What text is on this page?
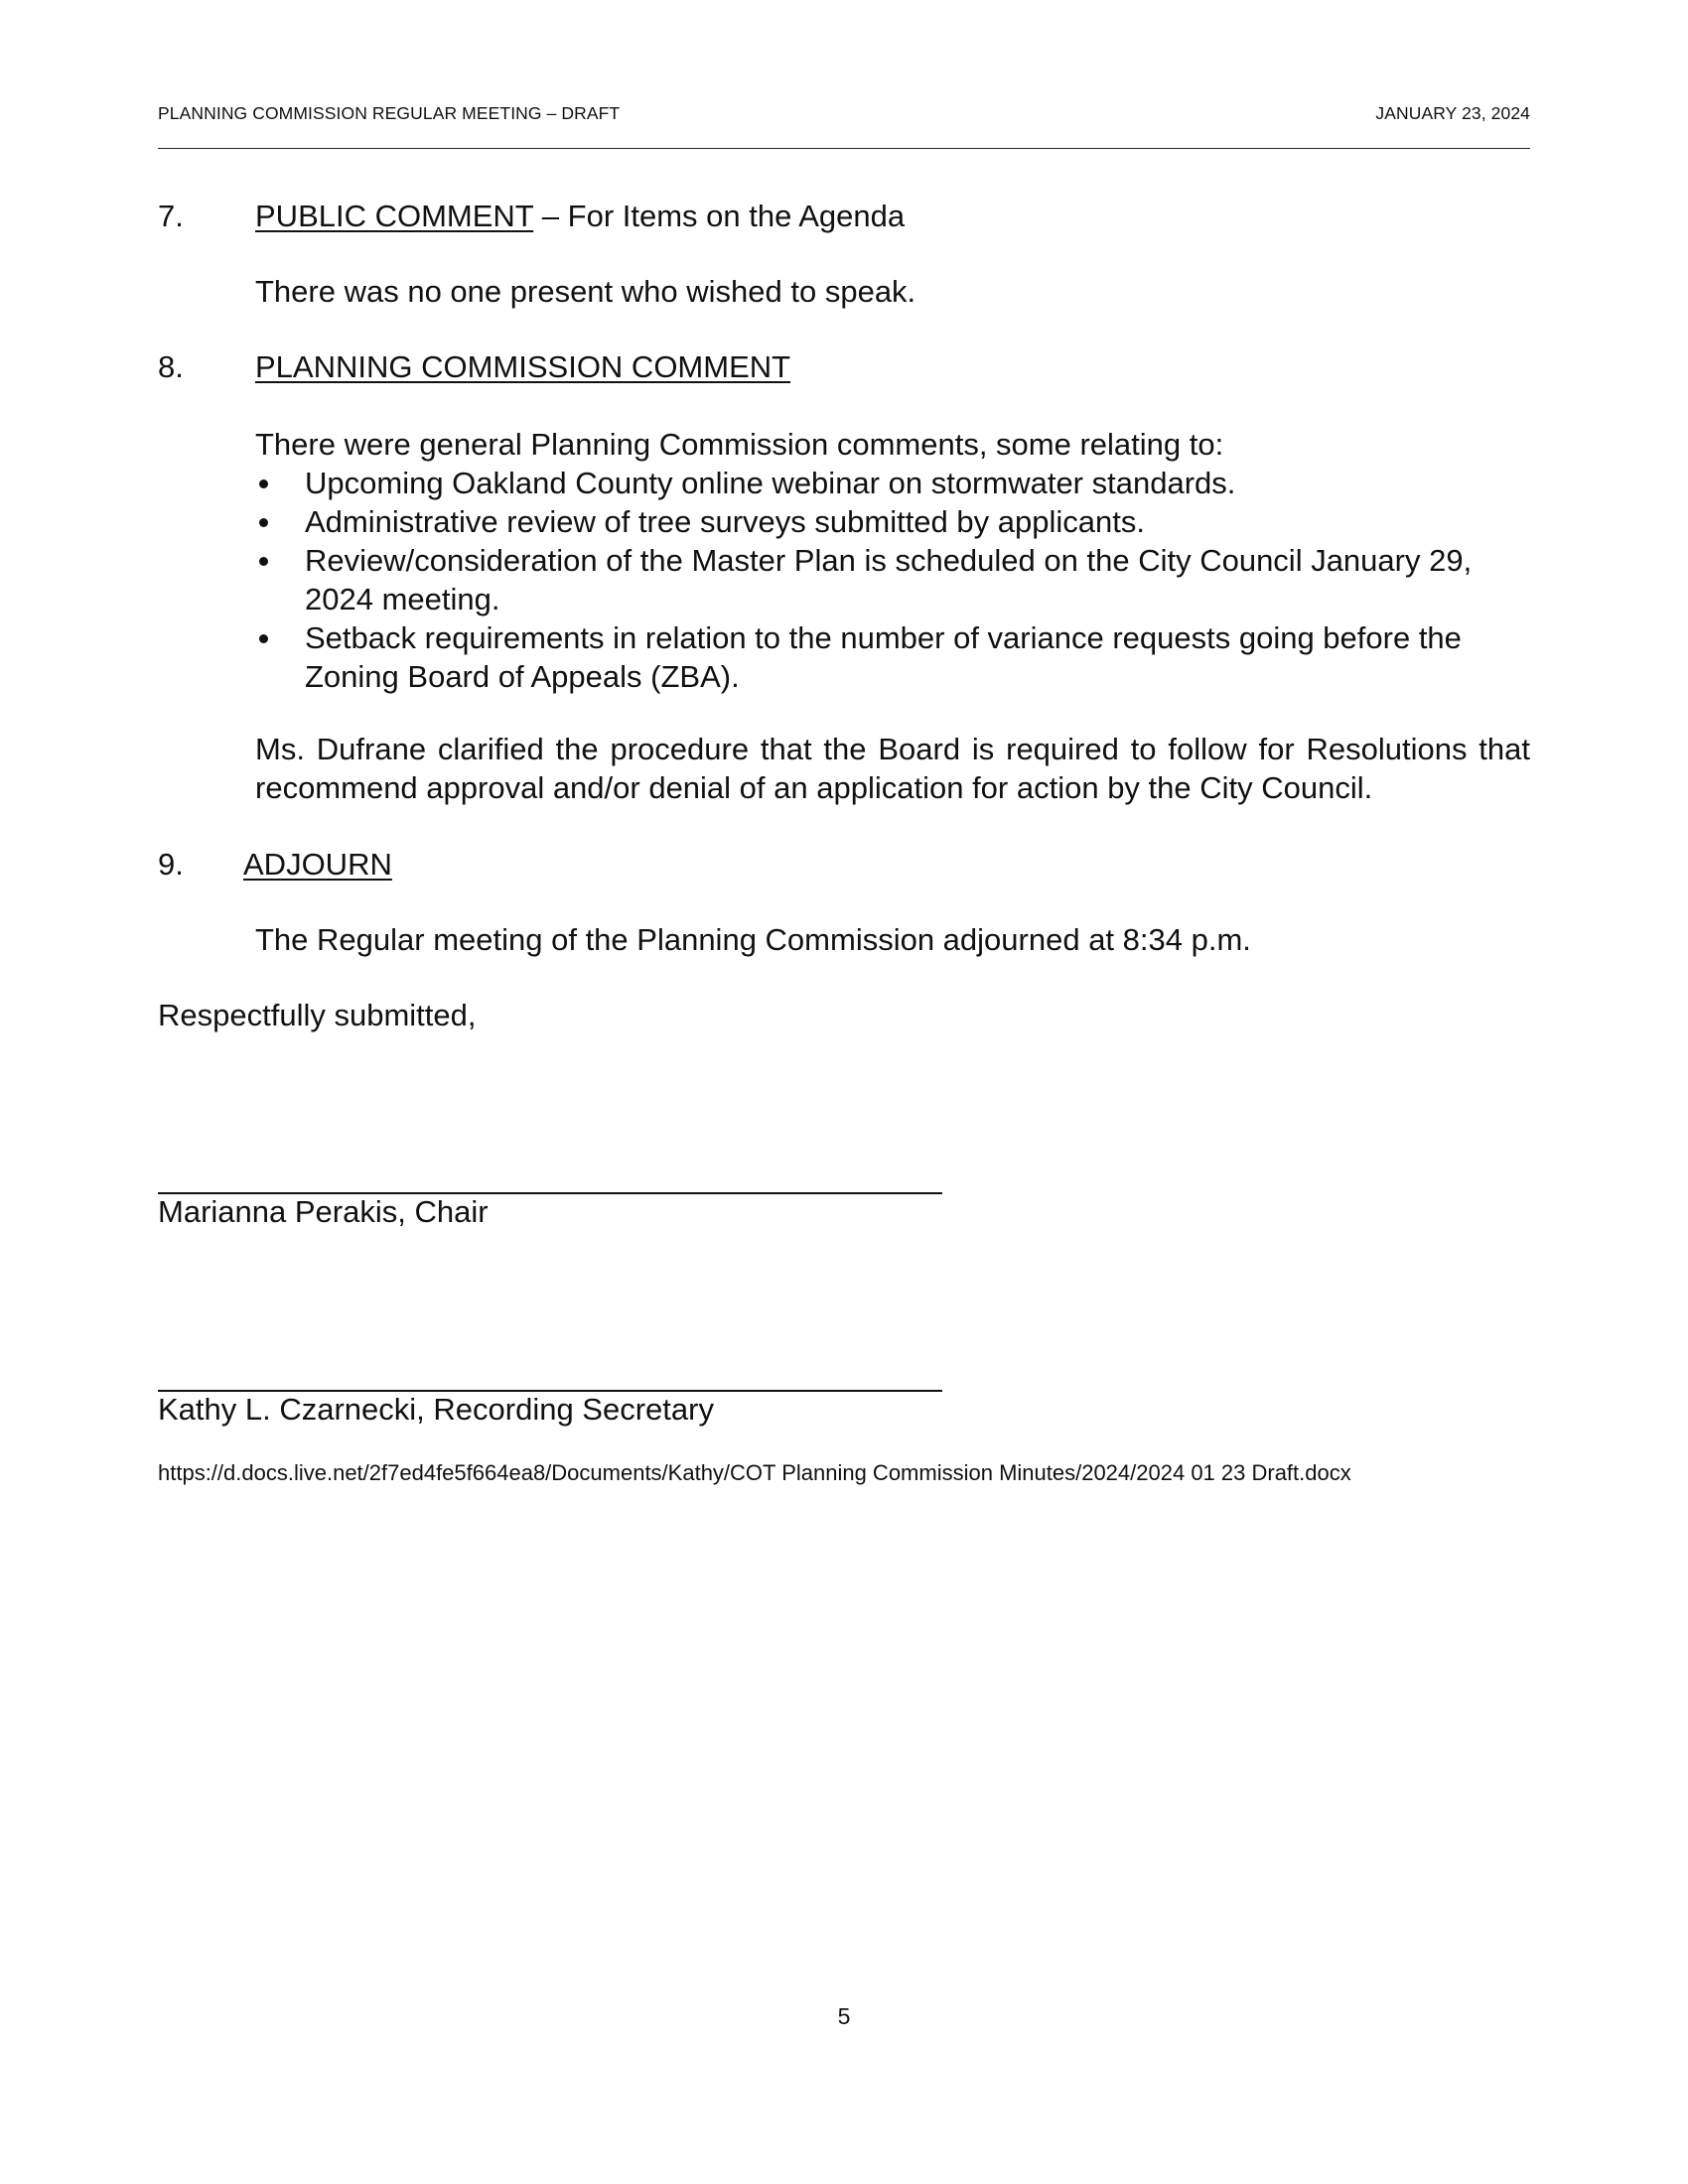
PLANNING COMMISSION REGULAR MEETING – DRAFT	JANUARY 23, 2024
7. PUBLIC COMMENT – For Items on the Agenda
There was no one present who wished to speak.
8. PLANNING COMMISSION COMMENT
There were general Planning Commission comments, some relating to:
Upcoming Oakland County online webinar on stormwater standards.
Administrative review of tree surveys submitted by applicants.
Review/consideration of the Master Plan is scheduled on the City Council January 29, 2024 meeting.
Setback requirements in relation to the number of variance requests going before the Zoning Board of Appeals (ZBA).
Ms. Dufrane clarified the procedure that the Board is required to follow for Resolutions that recommend approval and/or denial of an application for action by the City Council.
9. ADJOURN
The Regular meeting of the Planning Commission adjourned at 8:34 p.m.
Respectfully submitted,
Marianna Perakis, Chair
Kathy L. Czarnecki, Recording Secretary
https://d.docs.live.net/2f7ed4fe5f664ea8/Documents/Kathy/COT Planning Commission Minutes/2024/2024 01 23 Draft.docx
5
